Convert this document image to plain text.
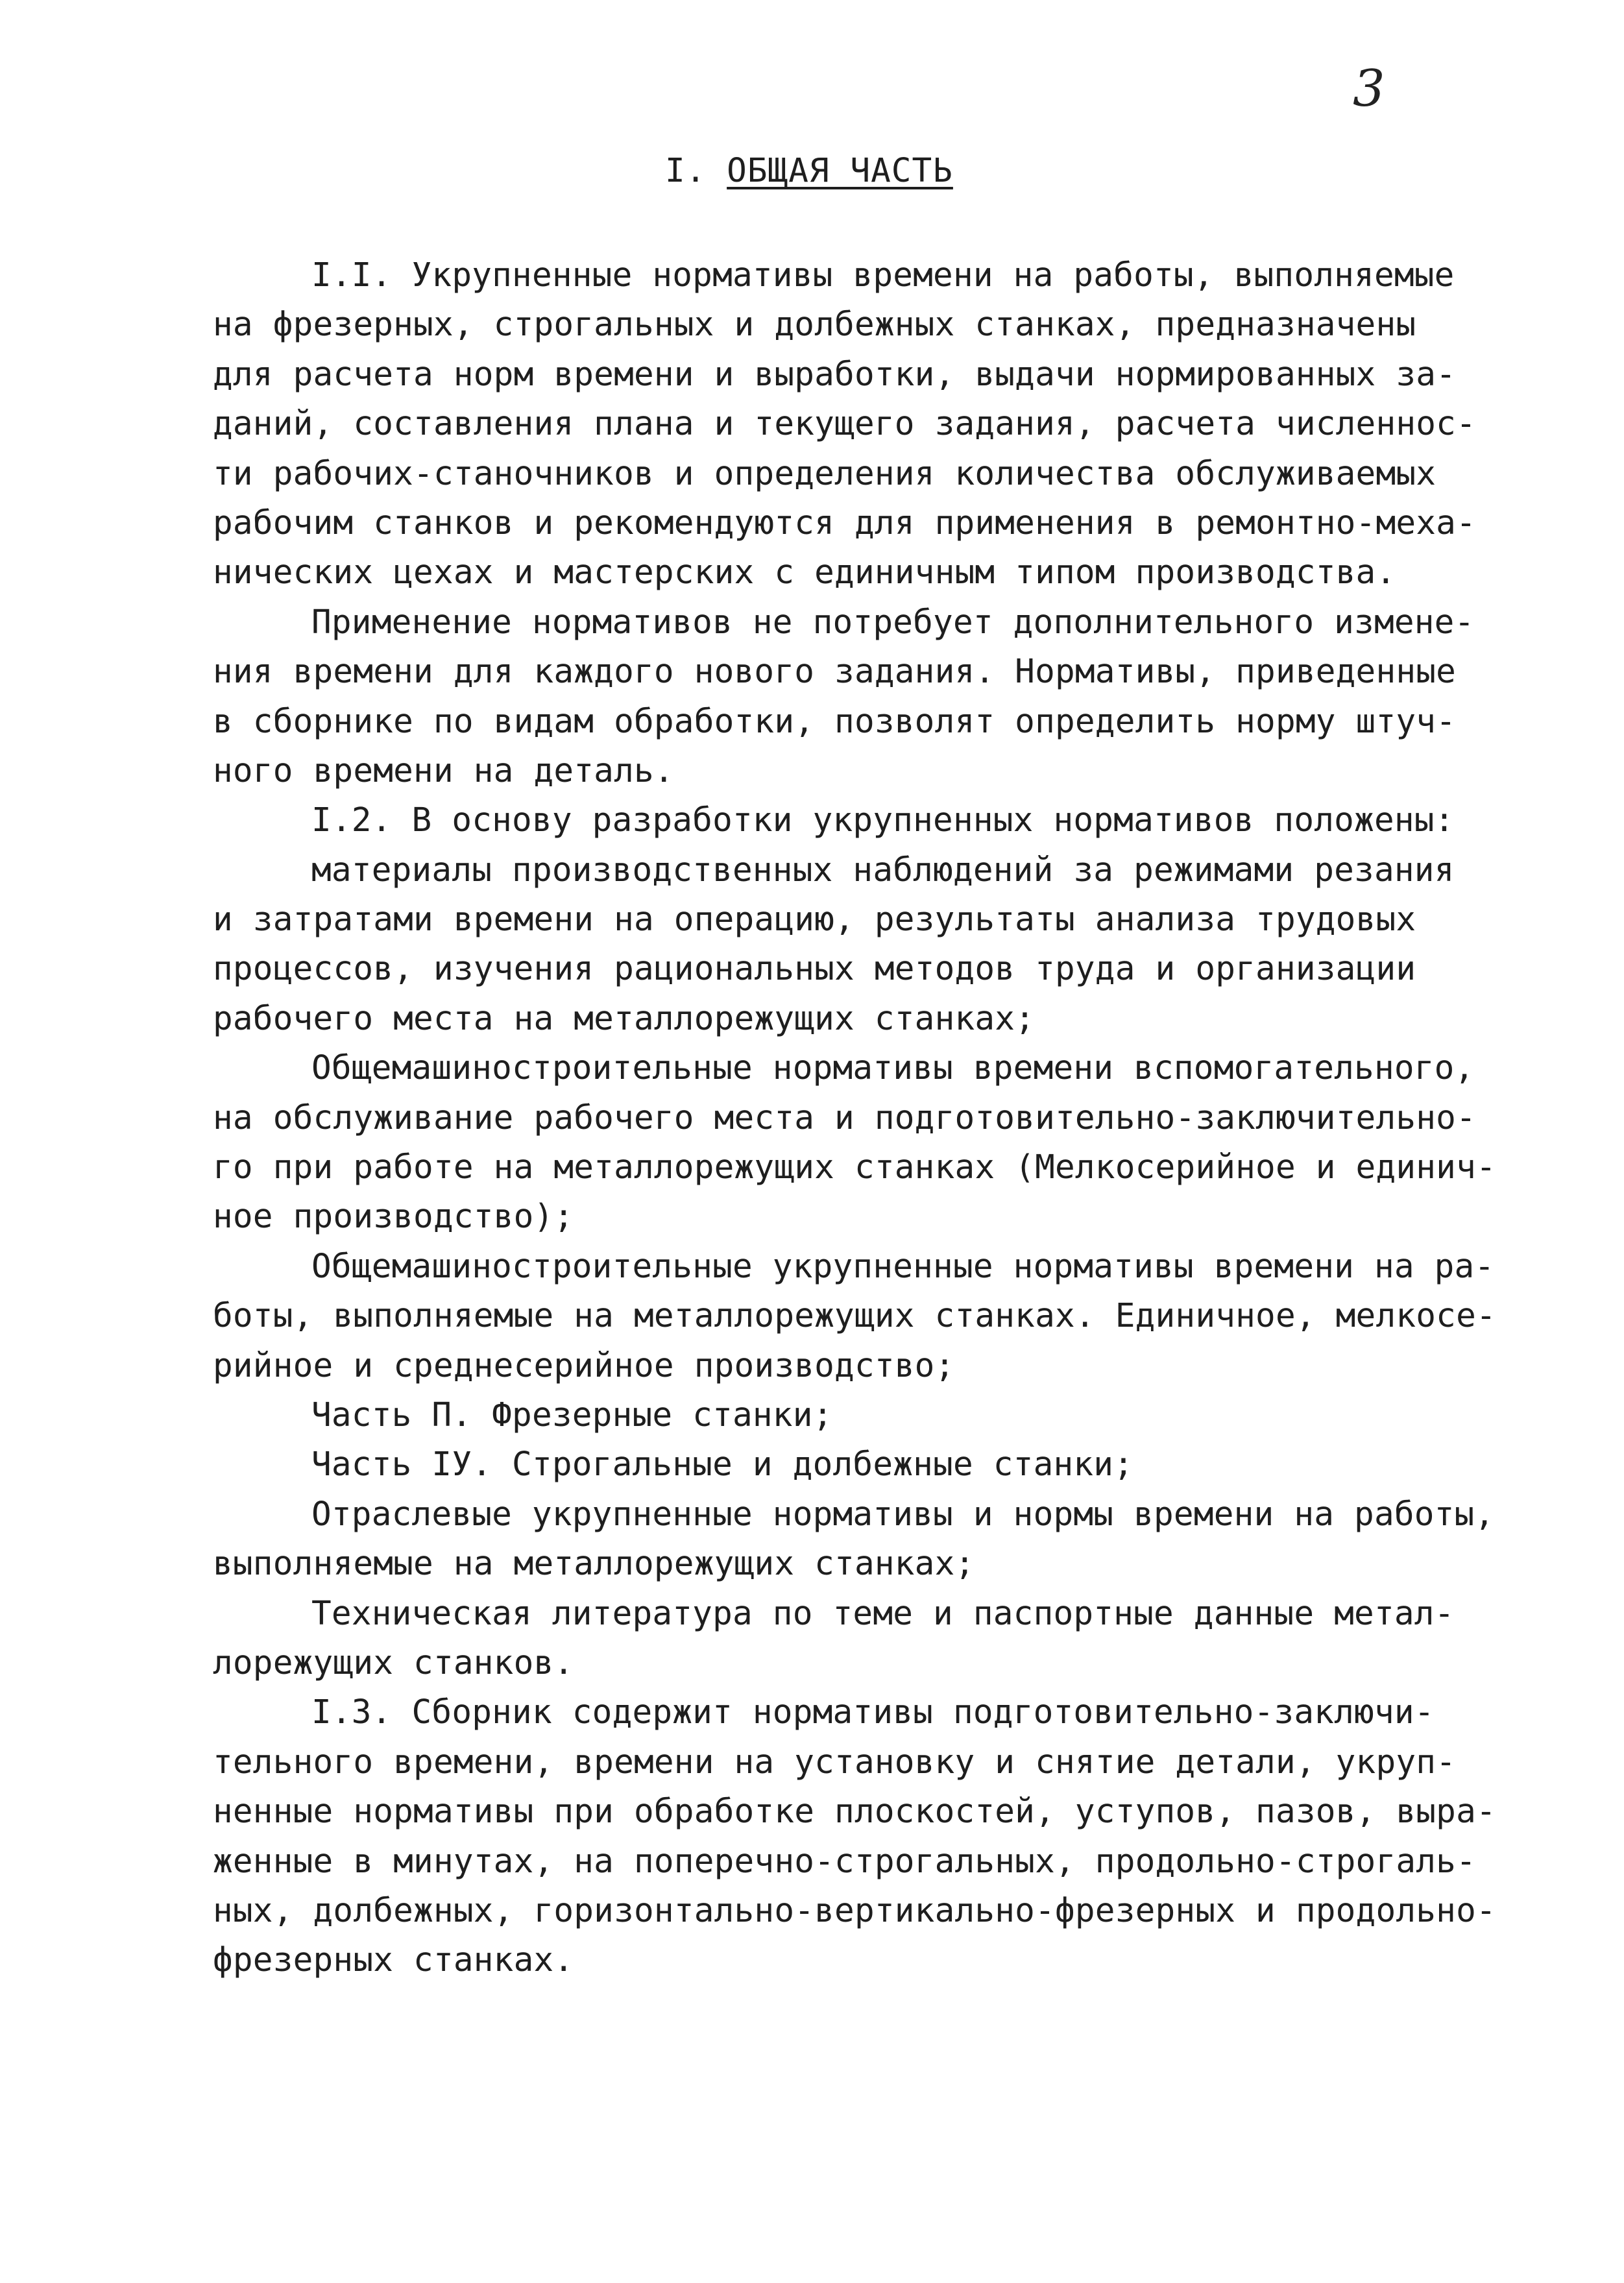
3
I. ОБЩАЯ ЧАСТЬ
I.I. Укрупненные нормативы времени на работы, выполняемые
на фрезерных, строгальных и долбежных станках, предназначены
для расчета норм времени и выработки, выдачи нормированных за-
даний, составления плана и текущего задания, расчета численнос-
ти рабочих-станочников и определения количества обслуживаемых
рабочим станков и рекомендуются для применения в ремонтно-меха-
нических цехах и мастерских с единичным типом производства.
Применение нормативов не потребует дополнительного измене-
ния времени для каждого нового задания. Нормативы, приведенные
в сборнике по видам обработки, позволят определить норму штуч-
ного времени на деталь.
I.2. В основу разработки укрупненных нормативов положены:
материалы производственных наблюдений за режимами резания
и затратами времени на операцию, результаты анализа трудовых
процессов, изучения рациональных методов труда и организации
рабочего места на металлорежущих станках;
Общемашиностроительные нормативы времени вспомогательного,
на обслуживание рабочего места и подготовительно-заключительно-
го при работе на металлорежущих станках (Мелкосерийное и единич-
ное производство);
Общемашиностроительные укрупненные нормативы времени на ра-
боты, выполняемые на металлорежущих станках. Единичное, мелкосе-
рийное и среднесерийное производство;
Часть П. Фрезерные станки;
Часть IУ. Строгальные и долбежные станки;
Отраслевые укрупненные нормативы и нормы времени на работы,
выполняемые на металлорежущих станках;
Техническая литература по теме и паспортные данные метал-
лорежущих станков.
I.3. Сборник содержит нормативы подготовительно-заключи-
тельного времени, времени на установку и снятие детали, укруп-
ненные нормативы при обработке плоскостей, уступов, пазов, выра-
женные в минутах, на поперечно-строгальных, продольно-строгаль-
ных, долбежных, горизонтально-вертикально-фрезерных и продольно-
фрезерных станках.
